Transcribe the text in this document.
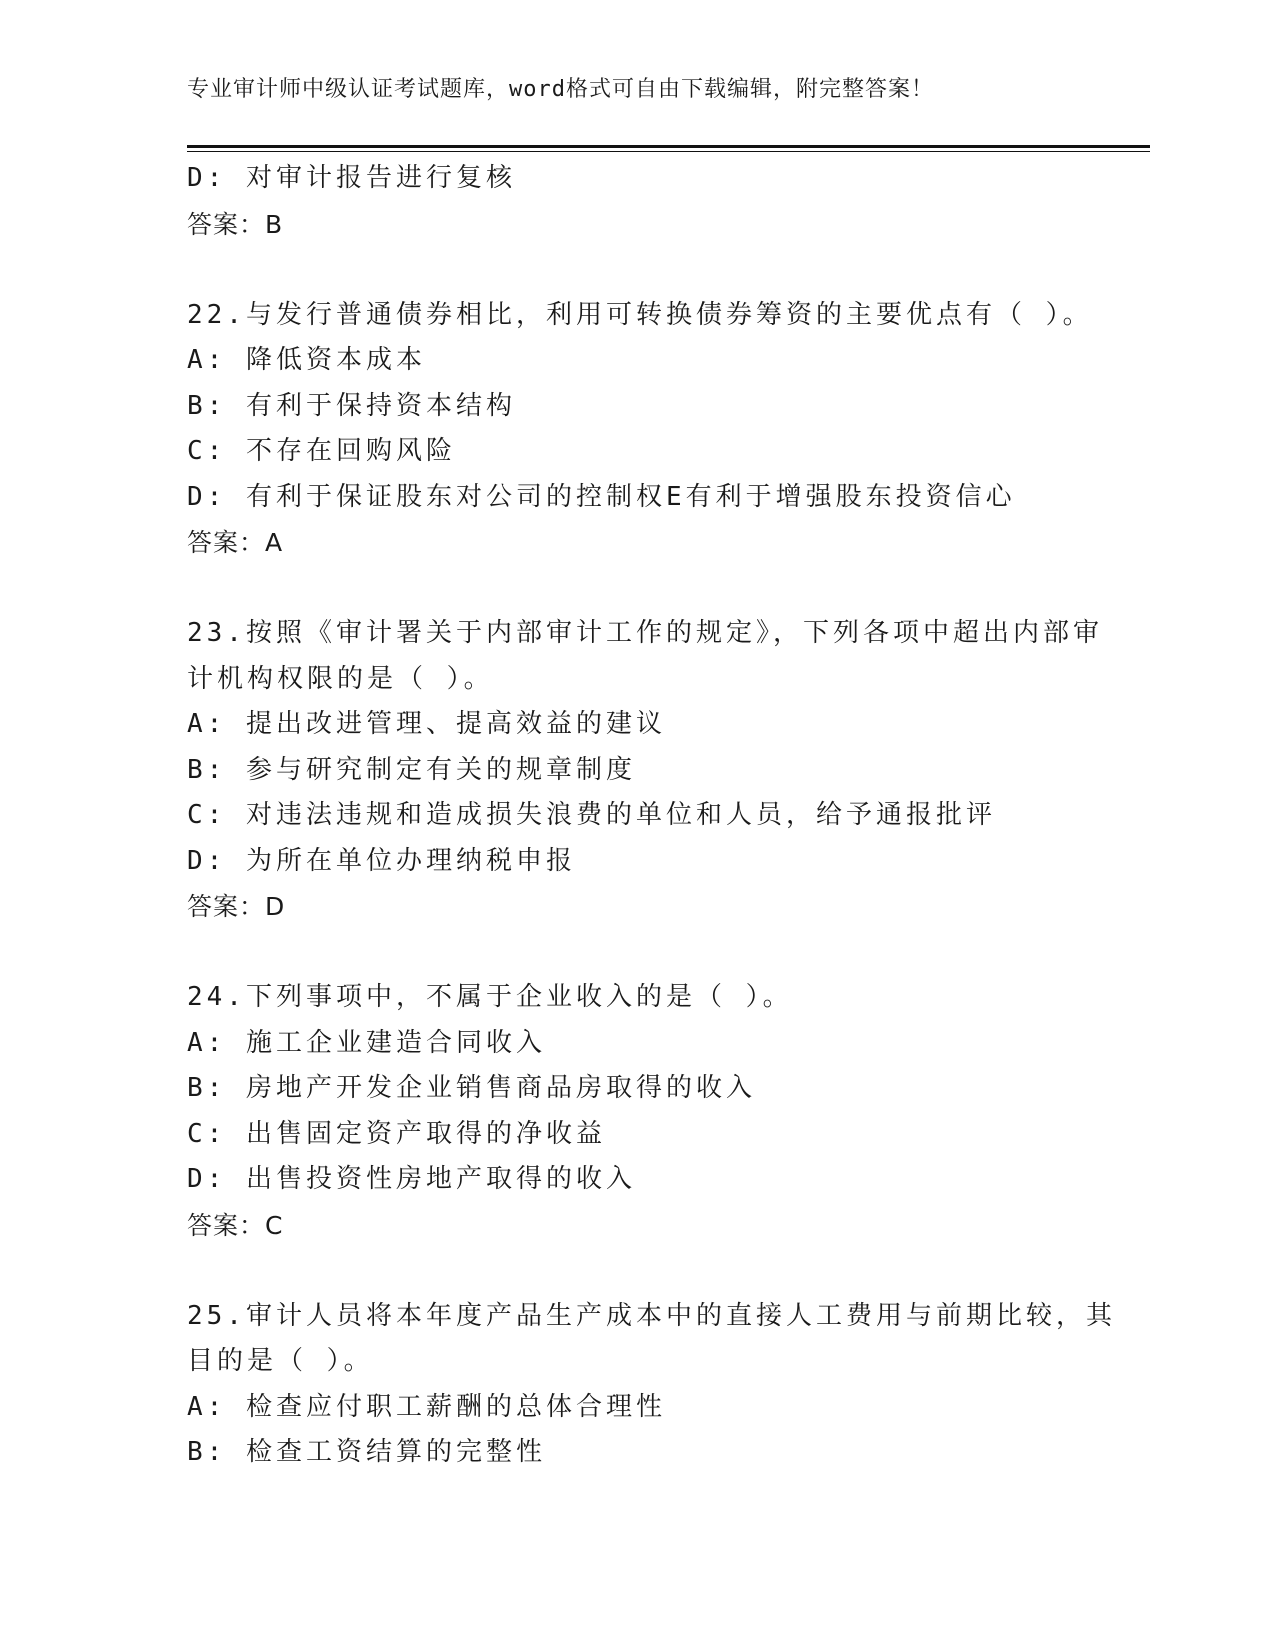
专业审计师中级认证考试题库，word格式可自由下载编辑，附完整答案！
D: 对审计报告进行复核
答案：B
22.与发行普通债券相比，利用可转换债券筹资的主要优点有（ ）。
A: 降低资本成本
B: 有利于保持资本结构
C: 不存在回购风险
D: 有利于保证股东对公司的控制权E有利于增强股东投资信心
答案：A
23.按照《审计署关于内部审计工作的规定》，下列各项中超出内部审
计机构权限的是（ ）。
A: 提出改进管理、提高效益的建议
B: 参与研究制定有关的规章制度
C: 对违法违规和造成损失浪费的单位和人员，给予通报批评
D: 为所在单位办理纳税申报
答案：D
24.下列事项中，不属于企业收入的是（ ）。
A: 施工企业建造合同收入
B: 房地产开发企业销售商品房取得的收入
C: 出售固定资产取得的净收益
D: 出售投资性房地产取得的收入
答案：C
25.审计人员将本年度产品生产成本中的直接人工费用与前期比较，其
目的是（ ）。
A: 检查应付职工薪酬的总体合理性
B: 检查工资结算的完整性
